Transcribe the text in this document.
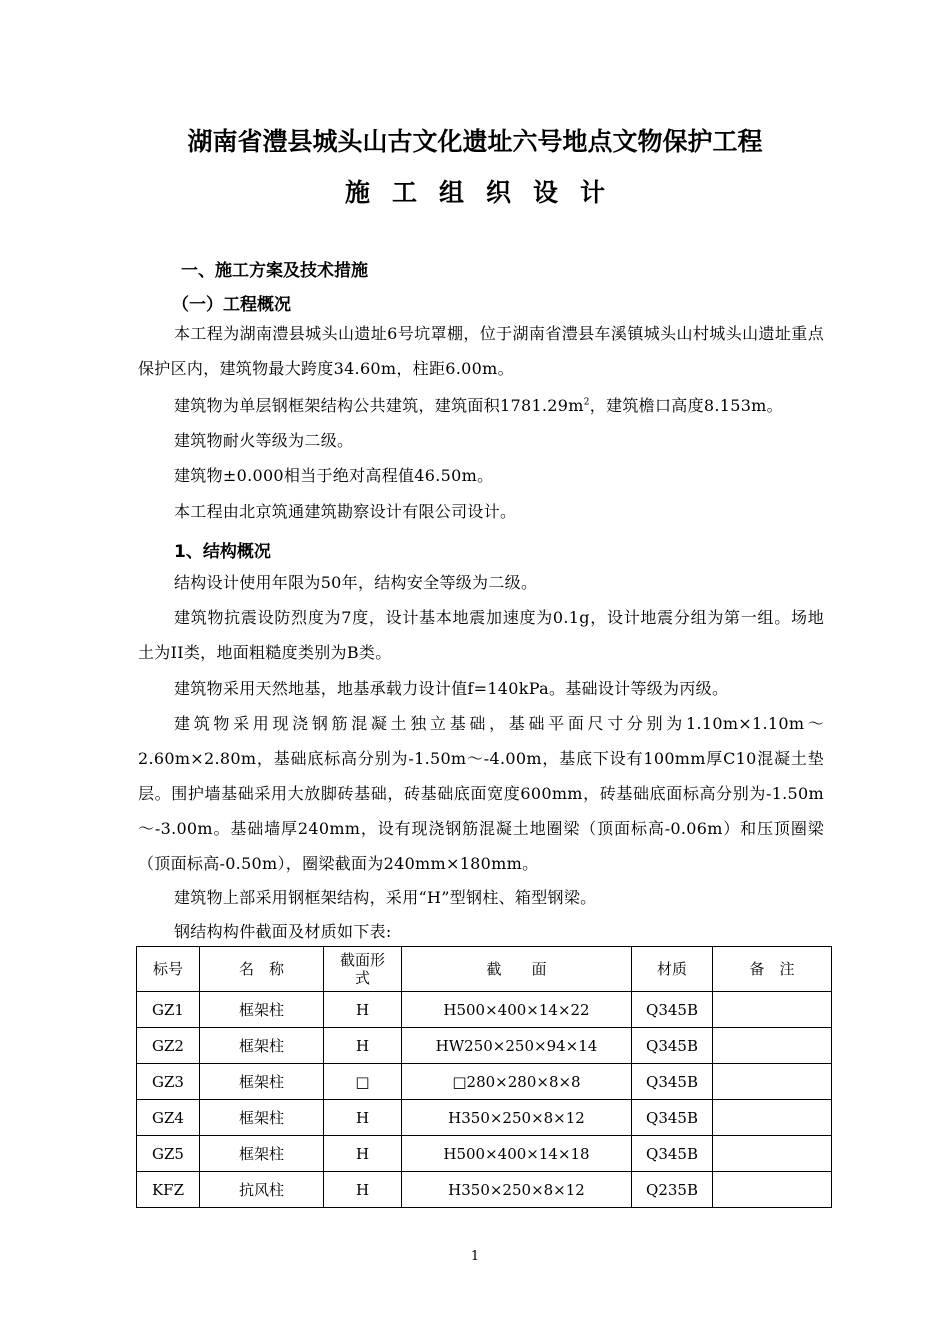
湖南省澧县城头山古文化遗址六号地点文物保护工程
施工组织设计
一、施工方案及技术措施
（一）工程概况
本工程为湖南澧县城头山遗址6号坑罩棚，位于湖南省澧县车溪镇城头山村城头山遗址重点保护区内，建筑物最大跨度34.60m，柱距6.00m。
建筑物为单层钢框架结构公共建筑，建筑面积$1781.29m^2$，建筑檐口高度8.153m。
建筑物耐火等级为二级。
建筑物±0.000相当于绝对高程值46.50m。
本工程由北京筑通建筑勘察设计有限公司设计。
1、结构概况
结构设计使用年限为50年，结构安全等级为二级。
建筑物抗震设防烈度为7度，设计基本地震加速度为0.1g，设计地震分组为第一组。场地土为II类，地面粗糙度类别为B类。
建筑物采用天然地基，地基承载力设计值f=140kPa。基础设计等级为丙级。
建筑物采用现浇钢筋混凝土独立基础，基础平面尺寸分别为1.10m×1.10m～2.60m×2.80m，基础底标高分别为-1.50m～-4.00m，基底下设有100mm厚C10混凝土垫层。围护墙基础采用大放脚砖基础，砖基础底面宽度600mm，砖基础底面标高分别为-1.50m～-3.00m。基础墙厚240mm，设有现浇钢筋混凝土地圈梁（顶面标高-0.06m）和压顶圈梁（顶面标高-0.50m），圈梁截面为240mm×180mm。
建筑物上部采用钢框架结构，采用“H”型钢柱、箱型钢梁。
钢结构构件截面及材质如下表:
标号	名　称	截面形式	截　　面	材质	备　注
GZ1	框架柱	H	H500×400×14×22	Q345B	
GZ2	框架柱	H	HW250×250×94×14	Q345B	
GZ3	框架柱	□	□280×280×8×8	Q345B	
GZ4	框架柱	H	H350×250×8×12	Q345B	
GZ5	框架柱	H	H500×400×14×18	Q345B	
KFZ	抗风柱	H	H350×250×8×12	Q235B	
1
